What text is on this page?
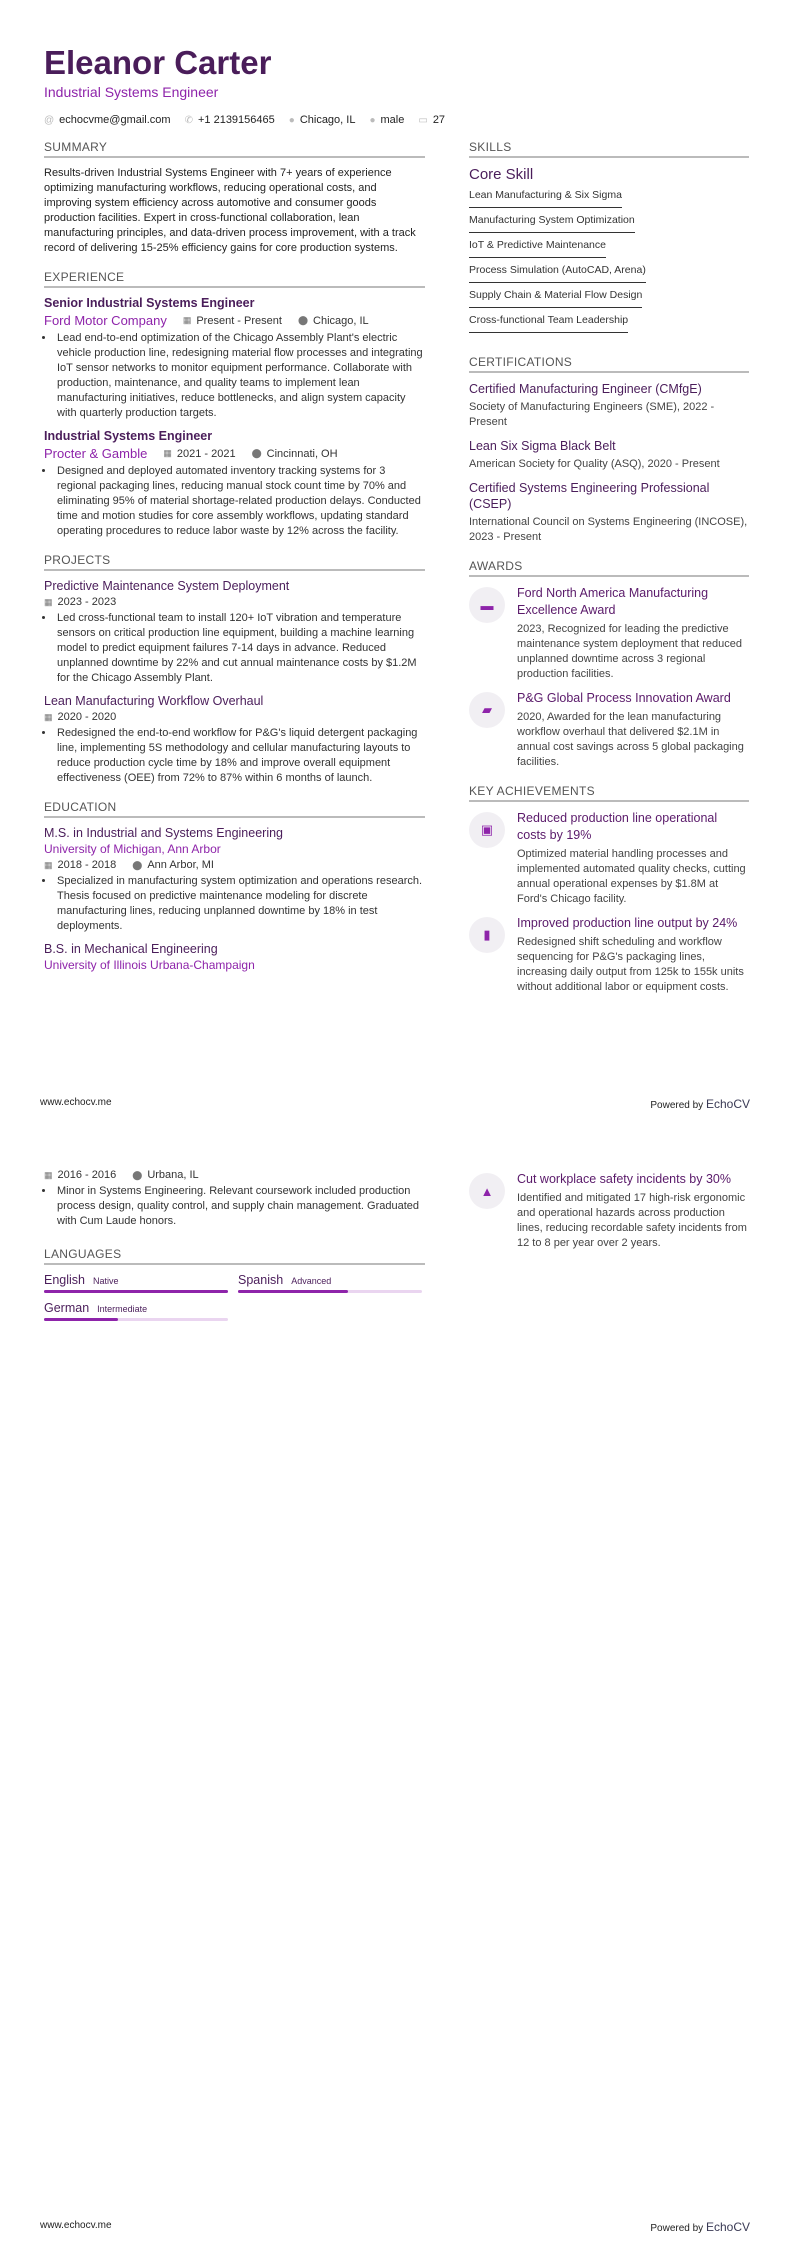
Eleanor Carter
Industrial Systems Engineer
@ echocvme@gmail.com ✆ +1 2139156465 ● Chicago, IL ● male ▭ 27
SUMMARY
Results-driven Industrial Systems Engineer with 7+ years of experience optimizing manufacturing workflows, reducing operational costs, and improving system efficiency across automotive and consumer goods production facilities. Expert in cross-functional collaboration, lean manufacturing principles, and data-driven process improvement, with a track record of delivering 15-25% efficiency gains for core production systems.
EXPERIENCE
Senior Industrial Systems Engineer
Ford Motor Company ▦ Present - Present ⬤ Chicago, IL
• Lead end-to-end optimization of the Chicago Assembly Plant's electric vehicle production line, redesigning material flow processes and integrating IoT sensor networks to monitor equipment performance. Collaborate with production, maintenance, and quality teams to implement lean manufacturing initiatives, reduce bottlenecks, and align system capacity with quarterly production targets.
Industrial Systems Engineer
Procter & Gamble ▦ 2021 - 2021 ⬤ Cincinnati, OH
• Designed and deployed automated inventory tracking systems for 3 regional packaging lines, reducing manual stock count time by 70% and eliminating 95% of material shortage-related production delays. Conducted time and motion studies for core assembly workflows, updating standard operating procedures to reduce labor waste by 12% across the facility.
PROJECTS
Predictive Maintenance System Deployment
▦ 2023 - 2023
• Led cross-functional team to install 120+ IoT vibration and temperature sensors on critical production line equipment, building a machine learning model to predict equipment failures 7-14 days in advance. Reduced unplanned downtime by 22% and cut annual maintenance costs by $1.2M for the Chicago Assembly Plant.
Lean Manufacturing Workflow Overhaul
▦ 2020 - 2020
• Redesigned the end-to-end workflow for P&G's liquid detergent packaging line, implementing 5S methodology and cellular manufacturing layouts to reduce production cycle time by 18% and improve overall equipment effectiveness (OEE) from 72% to 87% within 6 months of launch.
EDUCATION
M.S. in Industrial and Systems Engineering
University of Michigan, Ann Arbor
▦ 2018 - 2018 ⬤ Ann Arbor, MI
• Specialized in manufacturing system optimization and operations research. Thesis focused on predictive maintenance modeling for discrete manufacturing lines, reducing unplanned downtime by 18% in test deployments.
B.S. in Mechanical Engineering
University of Illinois Urbana-Champaign
SKILLS
Core Skill
Lean Manufacturing & Six Sigma
Manufacturing System Optimization
IoT & Predictive Maintenance
Process Simulation (AutoCAD, Arena)
Supply Chain & Material Flow Design
Cross-functional Team Leadership
CERTIFICATIONS
Certified Manufacturing Engineer (CMfgE)
Society of Manufacturing Engineers (SME), 2022 - Present
Lean Six Sigma Black Belt
American Society for Quality (ASQ), 2020 - Present
Certified Systems Engineering Professional (CSEP)
International Council on Systems Engineering (INCOSE), 2023 - Present
AWARDS
▬
Ford North America Manufacturing Excellence Award
2023, Recognized for leading the predictive maintenance system deployment that reduced unplanned downtime across 3 regional production facilities.
▰
P&G Global Process Innovation Award
2020, Awarded for the lean manufacturing workflow overhaul that delivered $2.1M in annual cost savings across 5 global packaging facilities.
KEY ACHIEVEMENTS
▣
Reduced production line operational costs by 19%
Optimized material handling processes and implemented automated quality checks, cutting annual operational expenses by $1.8M at Ford's Chicago facility.
▮
Improved production line output by 24%
Redesigned shift scheduling and workflow sequencing for P&G's packaging lines, increasing daily output from 125k to 155k units without additional labor or equipment costs.
www.echocv.me	Powered by EchoCV
▦ 2016 - 2016 ⬤ Urbana, IL
• Minor in Systems Engineering. Relevant coursework included production process design, quality control, and supply chain management. Graduated with Cum Laude honors.
LANGUAGES
English Native	Spanish Advanced
German Intermediate
▲
Cut workplace safety incidents by 30%
Identified and mitigated 17 high-risk ergonomic and operational hazards across production lines, reducing recordable safety incidents from 12 to 8 per year over 2 years.
www.echocv.me	Powered by EchoCV
